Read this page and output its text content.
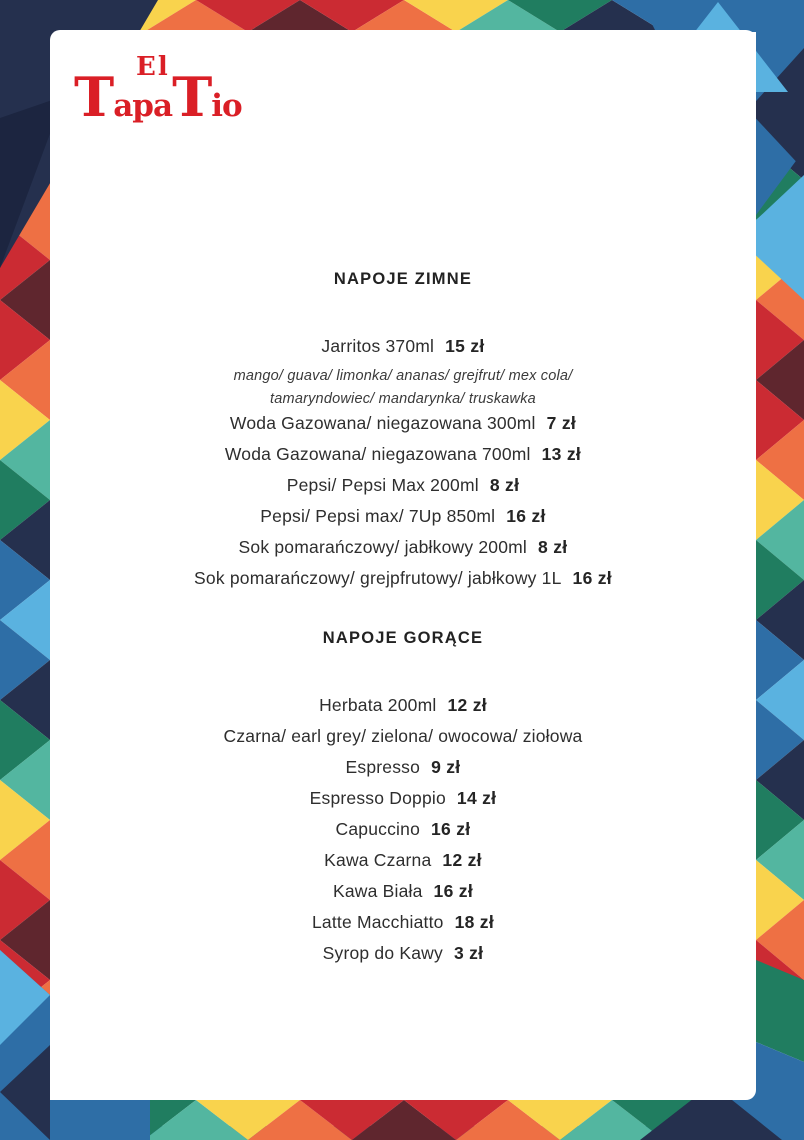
El
TapaTio
NAPOJE ZIMNE
Jarritos 370ml 15 zł
mango/ guava/ limonka/ ananas/ grejfrut/ mex cola/
tamaryndowiec/ mandarynka/ truskawka
Woda Gazowana/ niegazowana 300ml 7 zł
Woda Gazowana/ niegazowana 700ml 13 zł
Pepsi/ Pepsi Max 200ml 8 zł
Pepsi/ Pepsi max/ 7Up 850ml 16 zł
Sok pomarańczowy/ jabłkowy 200ml 8 zł
Sok pomarańczowy/ grejpfrutowy/ jabłkowy 1L 16 zł
NAPOJE GORĄCE
Herbata 200ml 12 zł
Czarna/ earl grey/ zielona/ owocowa/ ziołowa
Espresso 9 zł
Espresso Doppio 14 zł
Capuccino 16 zł
Kawa Czarna 12 zł
Kawa Biała 16 zł
Latte Macchiatto 18 zł
Syrop do Kawy 3 zł
